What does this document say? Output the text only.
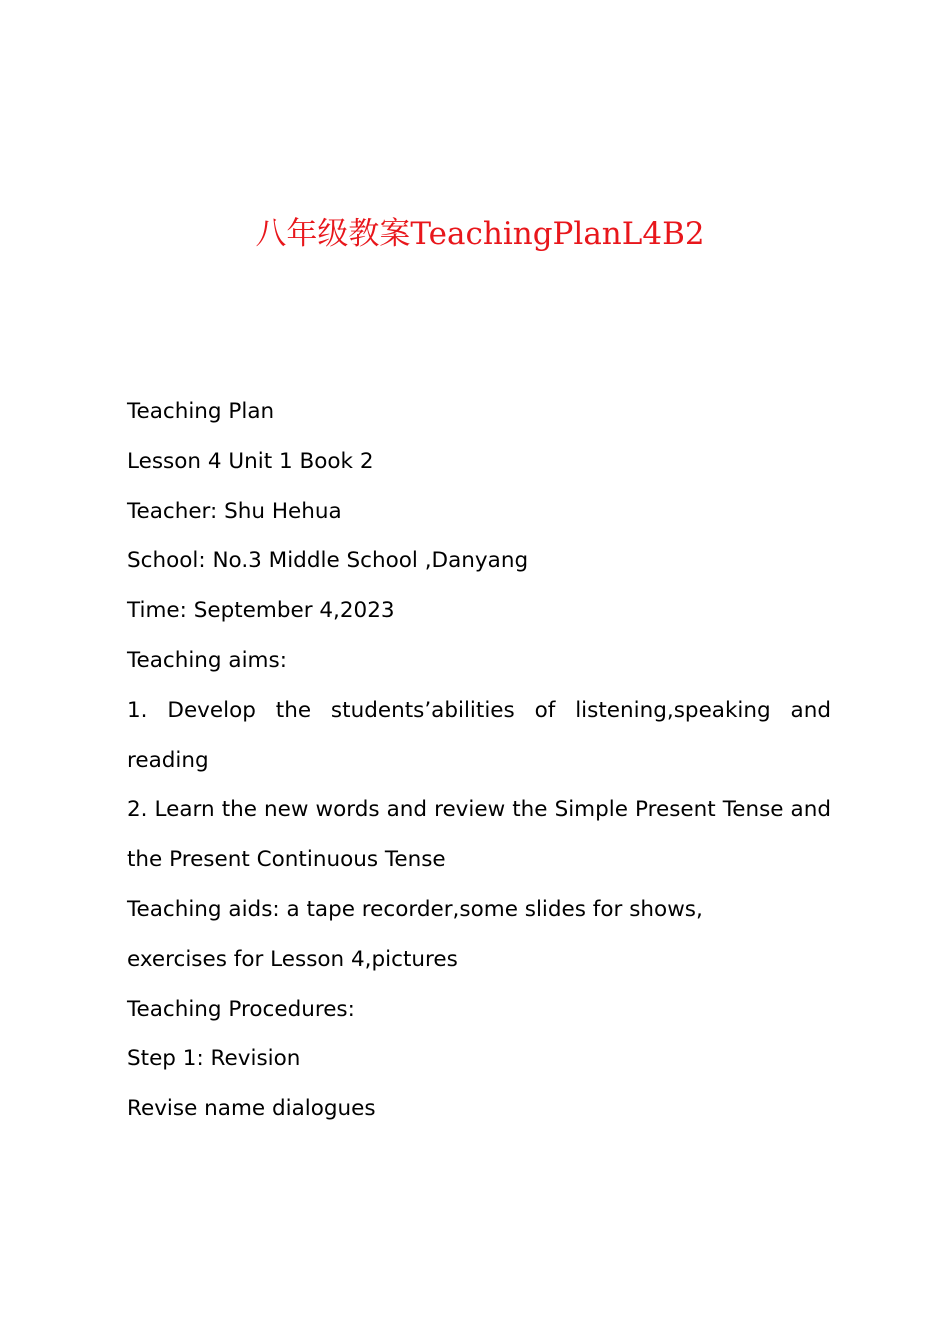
八年级教案TeachingPlanL4B2

Teaching Plan

Lesson 4 Unit 1 Book 2

Teacher: Shu Hehua

School: No.3 Middle School ,Danyang

Time: September 4,2023

Teaching aims:

1. Develop the students’abilities of listening,speaking and reading

2. Learn the new words and review the Simple Present Tense and the Present Continuous Tense

Teaching aids: a tape recorder,some slides for shows,

exercises for Lesson 4,pictures

Teaching Procedures:

Step 1: Revision

Revise name dialogues
